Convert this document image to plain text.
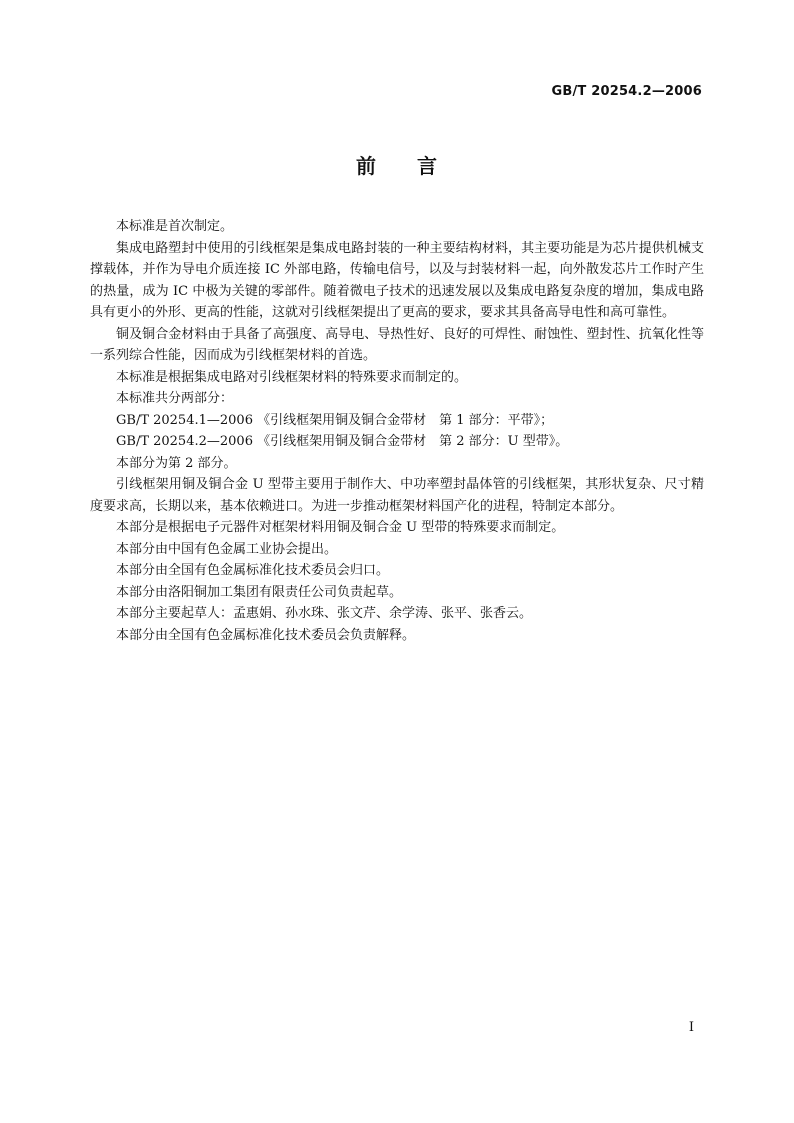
GB/T 20254.2—2006
前 言

本标准是首次制定。

集成电路塑封中使用的引线框架是集成电路封装的一种主要结构材料，其主要功能是为芯片提供机械支撑载体，并作为导电介质连接 IC 外部电路，传输电信号，以及与封装材料一起，向外散发芯片工作时产生的热量，成为 IC 中极为关键的零部件。随着微电子技术的迅速发展以及集成电路复杂度的增加，集成电路具有更小的外形、更高的性能，这就对引线框架提出了更高的要求，要求其具备高导电性和高可靠性。

铜及铜合金材料由于具备了高强度、高导电、导热性好、良好的可焊性、耐蚀性、塑封性、抗氧化性等一系列综合性能，因而成为引线框架材料的首选。

本标准是根据集成电路对引线框架材料的特殊要求而制定的。

本标准共分两部分：

GB/T 20254.1—2006 《引线框架用铜及铜合金带材　第 1 部分：平带》；

GB/T 20254.2—2006 《引线框架用铜及铜合金带材　第 2 部分：U 型带》。

本部分为第 2 部分。

引线框架用铜及铜合金 U 型带主要用于制作大、中功率塑封晶体管的引线框架，其形状复杂、尺寸精度要求高，长期以来，基本依赖进口。为进一步推动框架材料国产化的进程，特制定本部分。

本部分是根据电子元器件对框架材料用铜及铜合金 U 型带的特殊要求而制定。

本部分由中国有色金属工业协会提出。

本部分由全国有色金属标准化技术委员会归口。

本部分由洛阳铜加工集团有限责任公司负责起草。

本部分主要起草人：孟惠娟、孙水珠、张文芹、余学涛、张平、张香云。

本部分由全国有色金属标准化技术委员会负责解释。

I
